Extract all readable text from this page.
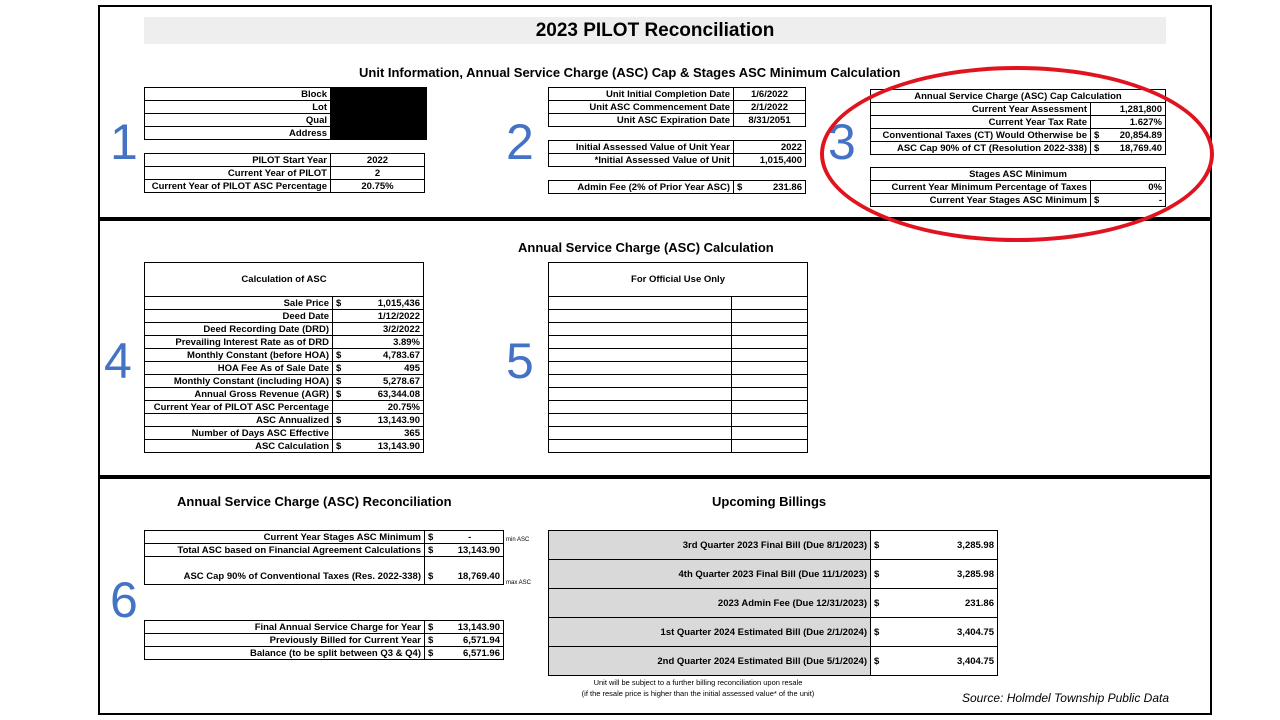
2023 PILOT Reconciliation
Unit Information, Annual Service Charge (ASC) Cap & Stages ASC Minimum Calculation
1
Block	
Lot	
Qual	
Address	
PILOT Start Year	2022
Current Year of PILOT	2
Current Year of PILOT ASC Percentage	20.75%
2
Unit Initial Completion Date	1/6/2022
Unit ASC Commencement Date	2/1/2022
Unit ASC Expiration Date	8/31/2051
Initial Assessed Value of Unit Year	2022
*Initial Assessed Value of Unit	1,015,400
Admin Fee (2% of Prior Year ASC)	$	231.86
3
Annual Service Charge (ASC) Cap Calculation		
Current Year Assessment		1,281,800
Current Year Tax Rate		1.627%
Conventional Taxes (CT) Would Otherwise be	$	20,854.89
ASC Cap 90% of CT (Resolution 2022-338)	$	18,769.40
Stages ASC Minimum		
Current Year Minimum Percentage of Taxes		0%
Current Year Stages ASC Minimum	$	-
Annual Service Charge (ASC) Calculation
4
Calculation of ASC		
Sale Price	$	1,015,436
Deed Date		1/12/2022
Deed Recording Date (DRD)		3/2/2022
Prevailing Interest Rate as of DRD		3.89%
Monthly Constant (before HOA)	$	4,783.67
HOA Fee As of Sale Date	$	495
Monthly Constant (including HOA)	$	5,278.67
Annual Gross Revenue (AGR)	$	63,344.08
Current Year of PILOT ASC Percentage		20.75%
ASC Annualized	$	13,143.90
Number of Days ASC Effective		365
ASC Calculation	$	13,143.90
5
For Official Use Only	

Annual Service Charge (ASC) Reconciliation
6
Current Year Stages ASC Minimum	$	-
Total ASC based on Financial Agreement Calculations	$	13,143.90
ASC Cap 90% of Conventional Taxes (Res. 2022-338)	$	18,769.40
min ASC
max ASC
Final Annual Service Charge for Year	$	13,143.90
Previously Billed for Current Year	$	6,571.94
Balance (to be split between Q3 & Q4)	$	6,571.96
Upcoming Billings
3rd Quarter 2023 Final Bill (Due 8/1/2023)	$	3,285.98
4th Quarter 2023 Final Bill (Due 11/1/2023)	$	3,285.98
2023 Admin Fee (Due 12/31/2023)	$	231.86
1st Quarter 2024 Estimated Bill (Due 2/1/2024)	$	3,404.75
2nd Quarter 2024 Estimated Bill (Due 5/1/2024)	$	3,404.75
Unit will be subject to a further billing reconciliation upon resale
(if the resale price is higher than the initial assessed value* of the unit)	Source: Holmdel Township Public Data
